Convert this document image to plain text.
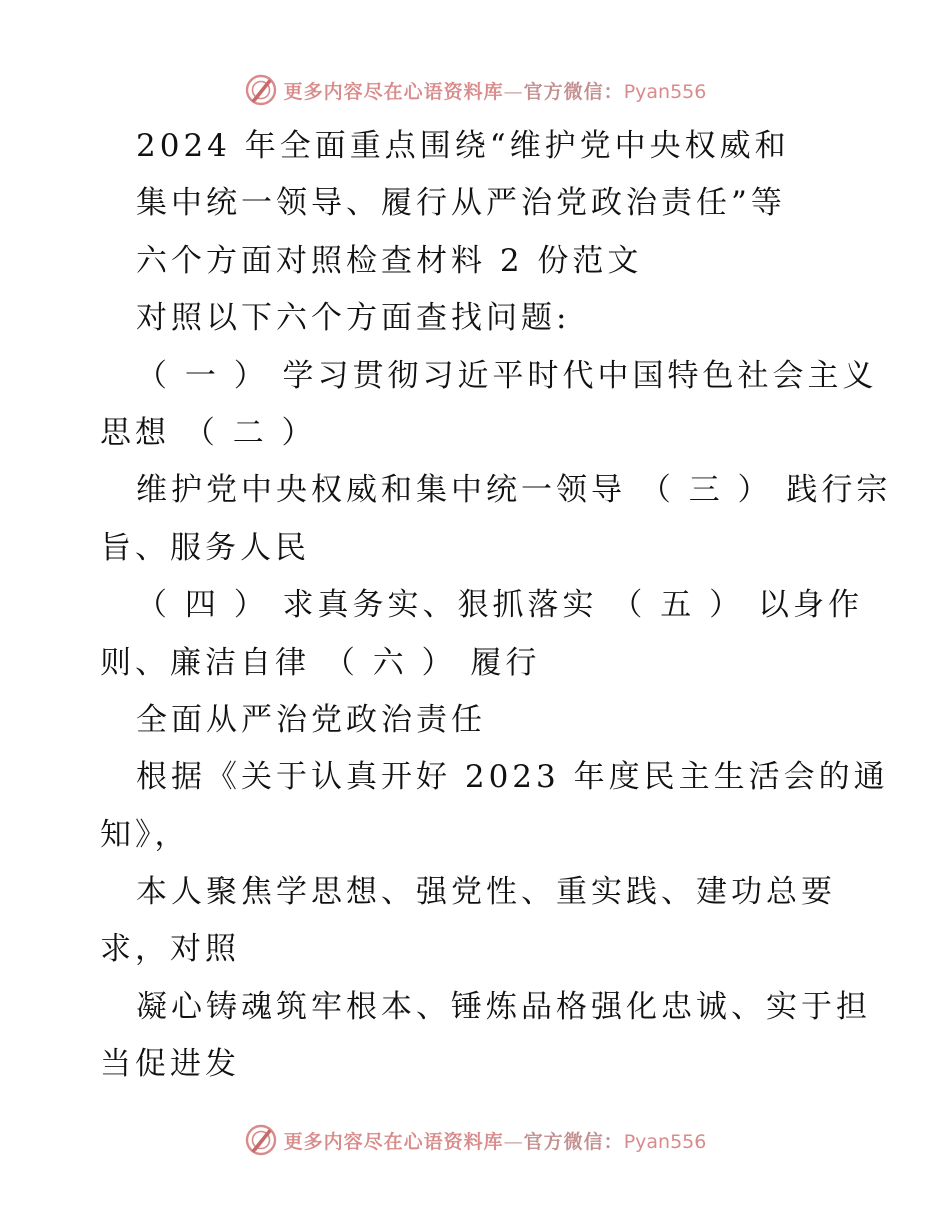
更多内容尽在心语资料库—官方微信：Pyan556
2024 年全面重点围绕“维护党中央权威和
集中统一领导、履行从严治党政治责任”等
六个方面对照检查材料 2 份范文
对照以下六个方面查找问题:
（ 一 ） 学习贯彻习近平时代中国特色社会主义
思想 （ 二 ）
维护党中央权威和集中统一领导 （ 三 ） 践行宗
旨、服务人民
（ 四 ） 求真务实、狠抓落实 （ 五 ） 以身作
则、廉洁自律 （ 六 ） 履行
全面从严治党政治责任
根据《关于认真开好 2023 年度民主生活会的通
知》，
本人聚焦学思想、强党性、重实践、建功总要
求，对照
凝心铸魂筑牢根本、锤炼品格强化忠诚、实于担
当促进发
更多内容尽在心语资料库—官方微信：Pyan556
